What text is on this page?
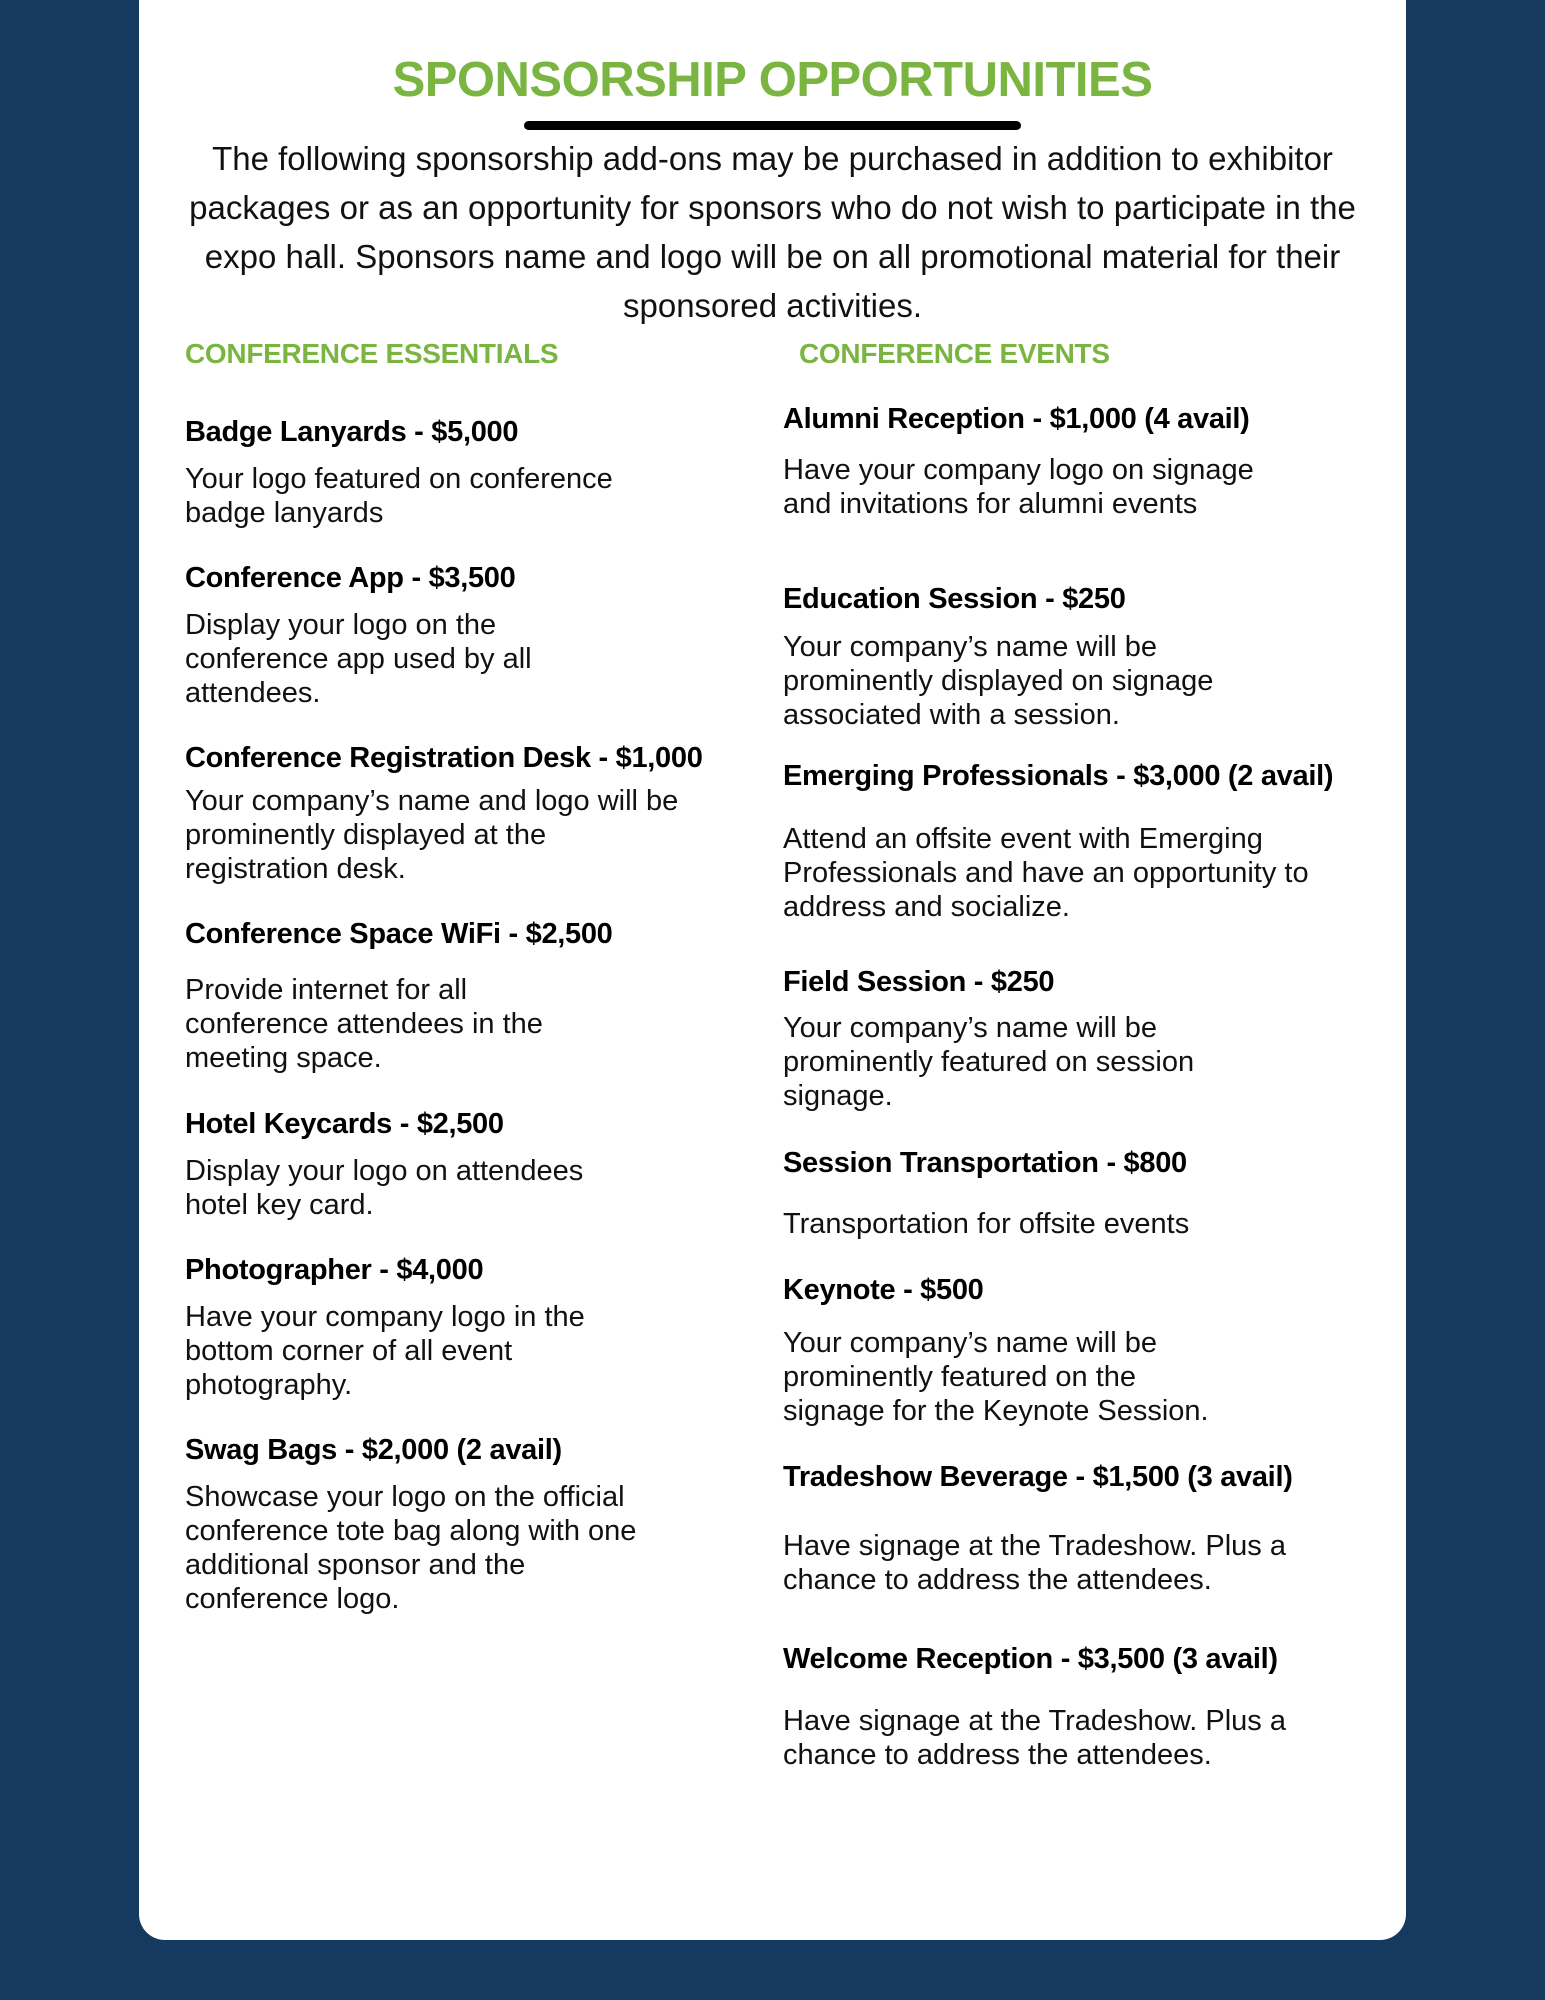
SPONSORSHIP OPPORTUNITIES

The following sponsorship add-ons may be purchased in addition to exhibitor packages or as an opportunity for sponsors who do not wish to participate in the expo hall. Sponsors name and logo will be on all promotional material for their sponsored activities.

CONFERENCE ESSENTIALS
Badge Lanyards - $5,000

Your logo featured on conference badge lanyards

Conference App - $3,500

Display your logo on the conference app used by all attendees.

Conference Registration Desk - $1,000

Your company’s name and logo will be prominently displayed at the registration desk.

Conference Space WiFi - $2,500

Provide internet for all conference attendees in the meeting space.

Hotel Keycards - $2,500

Display your logo on attendees hotel key card.

Photographer - $4,000

Have your company logo in the bottom corner of all event photography.

Swag Bags - $2,000 (2 avail)

Showcase your logo on the official conference tote bag along with one additional sponsor and the conference logo.

CONFERENCE EVENTS
Alumni Reception - $1,000 (4 avail)

Have your company logo on signage and invitations for alumni events

Education Session - $250

Your company’s name will be prominently displayed on signage associated with a session.

Emerging Professionals - $3,000 (2 avail)

Attend an offsite event with Emerging Professionals and have an opportunity to address and socialize.

Field Session - $250

Your company’s name will be prominently featured on session signage.

Session Transportation - $800

Transportation for offsite events

Keynote - $500

Your company’s name will be prominently featured on the signage for the Keynote Session.

Tradeshow Beverage - $1,500 (3 avail)

Have signage at the Tradeshow. Plus a chance to address the attendees.

Welcome Reception - $3,500 (3 avail)

Have signage at the Tradeshow. Plus a chance to address the attendees.
